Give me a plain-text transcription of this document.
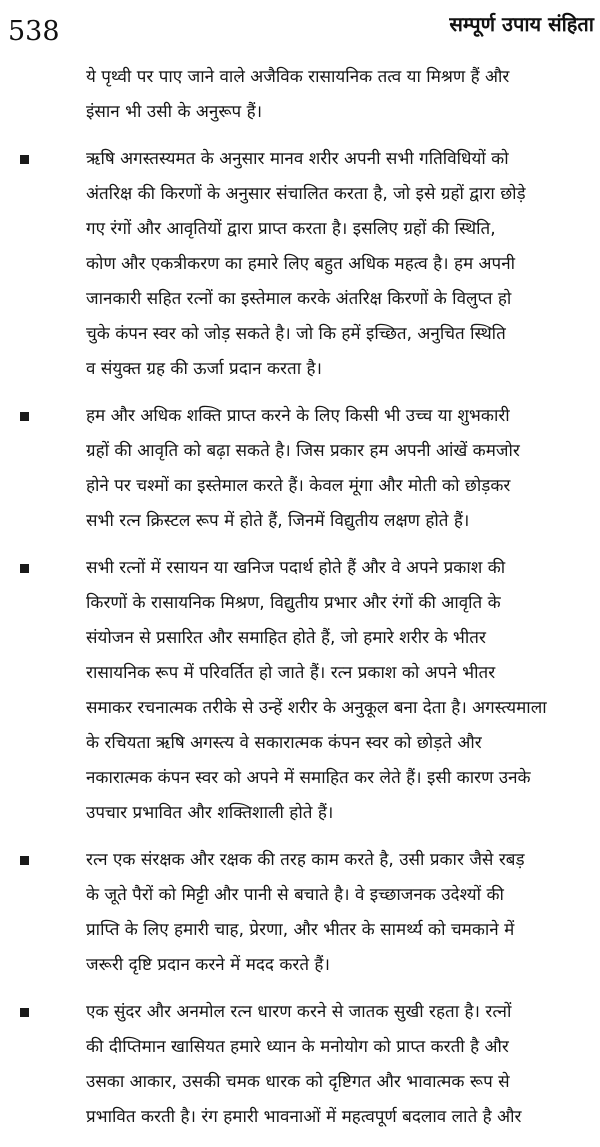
538	सम्पूर्ण उपाय संहिता
ये पृथ्वी पर पाए जाने वाले अजैविक रासायनिक तत्व या मिश्रण हैं और
इंसान भी उसी के अनुरूप हैं।
ऋषि अगस्तस्यमत के अनुसार मानव शरीर अपनी सभी गतिविधियों को
अंतरिक्ष की किरणों के अनुसार संचालित करता है, जो इसे ग्रहों द्वारा छोड़े
गए रंगों और आवृतियों द्वारा प्राप्त करता है। इसलिए ग्रहों की स्थिति,
कोण और एकत्रीकरण का हमारे लिए बहुत अधिक महत्व है। हम अपनी
जानकारी सहित रत्नों का इस्तेमाल करके अंतरिक्ष किरणों के विलुप्त हो
चुके कंपन स्वर को जोड़ सकते है। जो कि हमें इच्छित, अनुचित स्थिति
व संयुक्त ग्रह की ऊर्जा प्रदान करता है।
हम और अधिक शक्ति प्राप्त करने के लिए किसी भी उच्च या शुभकारी
ग्रहों की आवृति को बढ़ा सकते है। जिस प्रकार हम अपनी आंखें कमजोर
होने पर चश्मों का इस्तेमाल करते हैं। केवल मूंगा और मोती को छोड़कर
सभी रत्न क्रिस्टल रूप में होते हैं, जिनमें विद्युतीय लक्षण होते हैं।
सभी रत्नों में रसायन या खनिज पदार्थ होते हैं और वे अपने प्रकाश की
किरणों के रासायनिक मिश्रण, विद्युतीय प्रभार और रंगों की आवृति के
संयोजन से प्रसारित और समाहित होते हैं, जो हमारे शरीर के भीतर
रासायनिक रूप में परिवर्तित हो जाते हैं। रत्न प्रकाश को अपने भीतर
समाकर रचनात्मक तरीके से उन्हें शरीर के अनुकूल बना देता है। अगस्त्यमाला
के रचियता ऋषि अगस्त्य वे सकारात्मक कंपन स्वर को छोड़ते और
नकारात्मक कंपन स्वर को अपने में समाहित कर लेते हैं। इसी कारण उनके
उपचार प्रभावित और शक्तिशाली होते हैं।
रत्न एक संरक्षक और रक्षक की तरह काम करते है, उसी प्रकार जैसे रबड़
के जूते पैरों को मिट्टी और पानी से बचाते है। वे इच्छाजनक उदेश्यों की
प्राप्ति के लिए हमारी चाह, प्रेरणा, और भीतर के सामर्थ्य को चमकाने में
जरूरी दृष्टि प्रदान करने में मदद करते हैं।
एक सुंदर और अनमोल रत्न धारण करने से जातक सुखी रहता है। रत्नों
की दीप्तिमान खासियत हमारे ध्यान के मनोयोग को प्राप्त करती है और
उसका आकार, उसकी चमक धारक को दृष्टिगत और भावात्मक रूप से
प्रभावित करती है। रंग हमारी भावनाओं में महत्वपूर्ण बदलाव लाते है और
